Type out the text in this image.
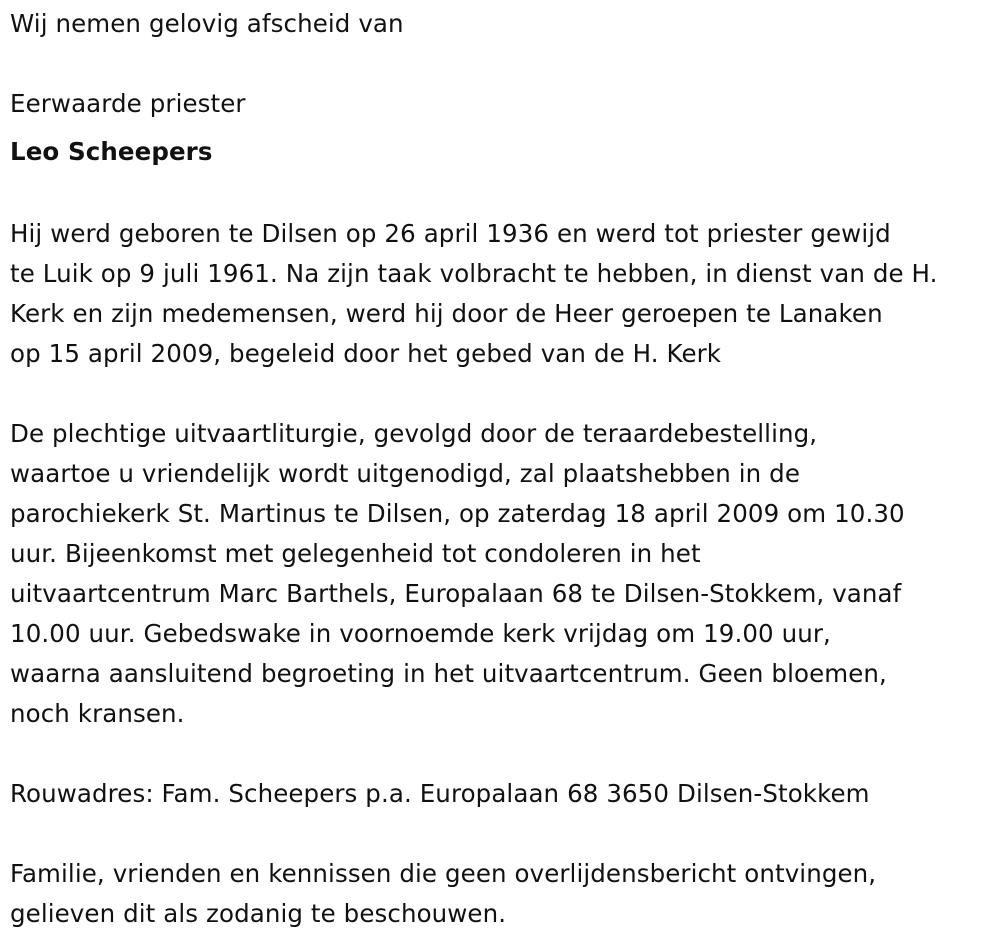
Wij nemen gelovig afscheid van
Eerwaarde priester
Leo Scheepers
Hij werd geboren te Dilsen op 26 april 1936 en werd tot priester gewijd
te Luik op 9 juli 1961. Na zijn taak volbracht te hebben, in dienst van de H.
Kerk en zijn medemensen, werd hij door de Heer geroepen te Lanaken
op 15 april 2009, begeleid door het gebed van de H. Kerk
De plechtige uitvaartliturgie, gevolgd door de teraardebestelling,
waartoe u vriendelijk wordt uitgenodigd, zal plaatshebben in de
parochiekerk St. Martinus te Dilsen, op zaterdag 18 april 2009 om 10.30
uur. Bijeenkomst met gelegenheid tot condoleren in het
uitvaartcentrum Marc Barthels, Europalaan 68 te Dilsen-Stokkem, vanaf
10.00 uur. Gebedswake in voornoemde kerk vrijdag om 19.00 uur,
waarna aansluitend begroeting in het uitvaartcentrum. Geen bloemen,
noch kransen.
Rouwadres: Fam. Scheepers p.a. Europalaan 68 3650 Dilsen-Stokkem
Familie, vrienden en kennissen die geen overlijdensbericht ontvingen,
gelieven dit als zodanig te beschouwen.
